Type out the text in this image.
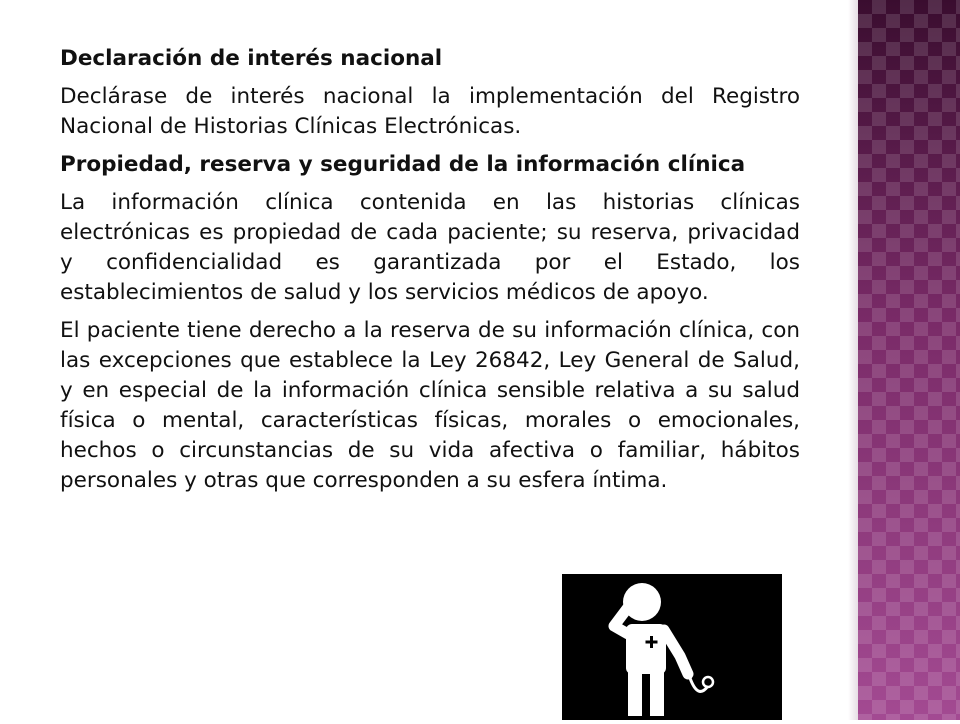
Declaración de interés nacional

Declárase de interés nacional la implementación del Registro Nacional de Historias Clínicas Electrónicas.

Propiedad, reserva y seguridad de la información clínica

La información clínica contenida en las historias clínicas electrónicas es propiedad de cada paciente; su reserva, privacidad y confidencialidad es garantizada por el Estado, los establecimientos de salud y los servicios médicos de apoyo.

El paciente tiene derecho a la reserva de su información clínica, con las excepciones que establece la Ley 26842, Ley General de Salud, y en especial de la información clínica sensible relativa a su salud física o mental, características físicas, morales o emocionales, hechos o circunstancias de su vida afectiva o familiar, hábitos personales y otras que corresponden a su esfera íntima.
